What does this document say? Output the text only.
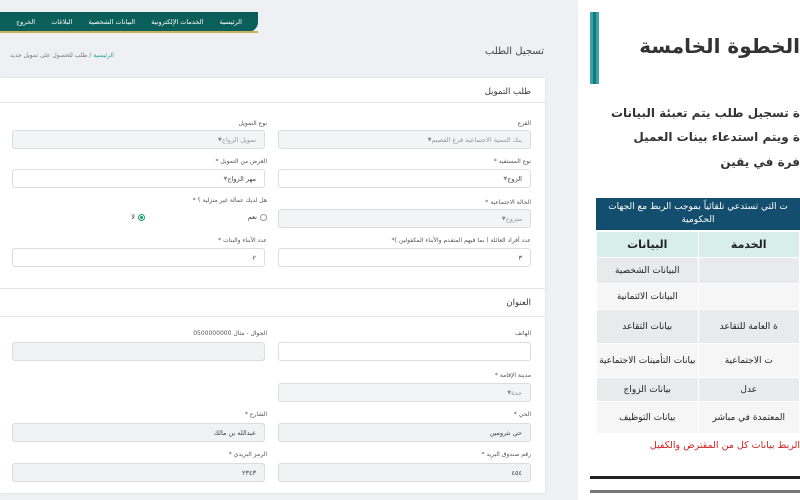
الرئيسية
الخدمات الإلكترونية
البيانات الشخصية
البلاغات
الخروج
الرئيسية / طلب للحصول على تمويل جديد	تسجيل الطلب
طلب التمويل
الفرع
بنك التنمية الاجتماعية فرع القصيم
▼
نوع التمويل
تمويل الزواج
▼
نوع المستفيد *
الزوج
▼
الغرض من التمويل *
مهر الزواج
▼
الحالة الاجتماعية *
متزوج
▼
هل لديك عمالة غير منزلية ؟ *
نعم
لا
عدد أفراد العائلة ( بما فيهم المتقدم والأبناء المكفولين )*
٣
عدد الأبناء والبنات *
٢
العنوان
الهاتف
الجوال - مثال 0500000000
مدينة الإقامة *
جدة
▼
الحي *
حي نثرومين
الشارع *
عبدالله بن مالك
رقم صندوق البريد *
٤٥٤
الرمز البريدي *
٢٣٤٣
الخطوة الخامسة
ة تسجيل طلب يتم تعبئة البيانات
ة ويتم استدعاء بينات العميل
فرة في يقين
ت التي تستدعي تلقائياً بموجب الربط مع الجهات الحكومية
الخدمة	البيانات
	البيانات الشخصية
	البيانات الائتمانية
ة العامة للتقاعد	بيانات التقاعد
ت الاجتماعية	بيانات التأمينات الاجتماعية
عدل	بيانات الزواج
المعتمدة في مباشر	بيانات التوظيف
الربط بيانات كل من المقترض والكفيل
